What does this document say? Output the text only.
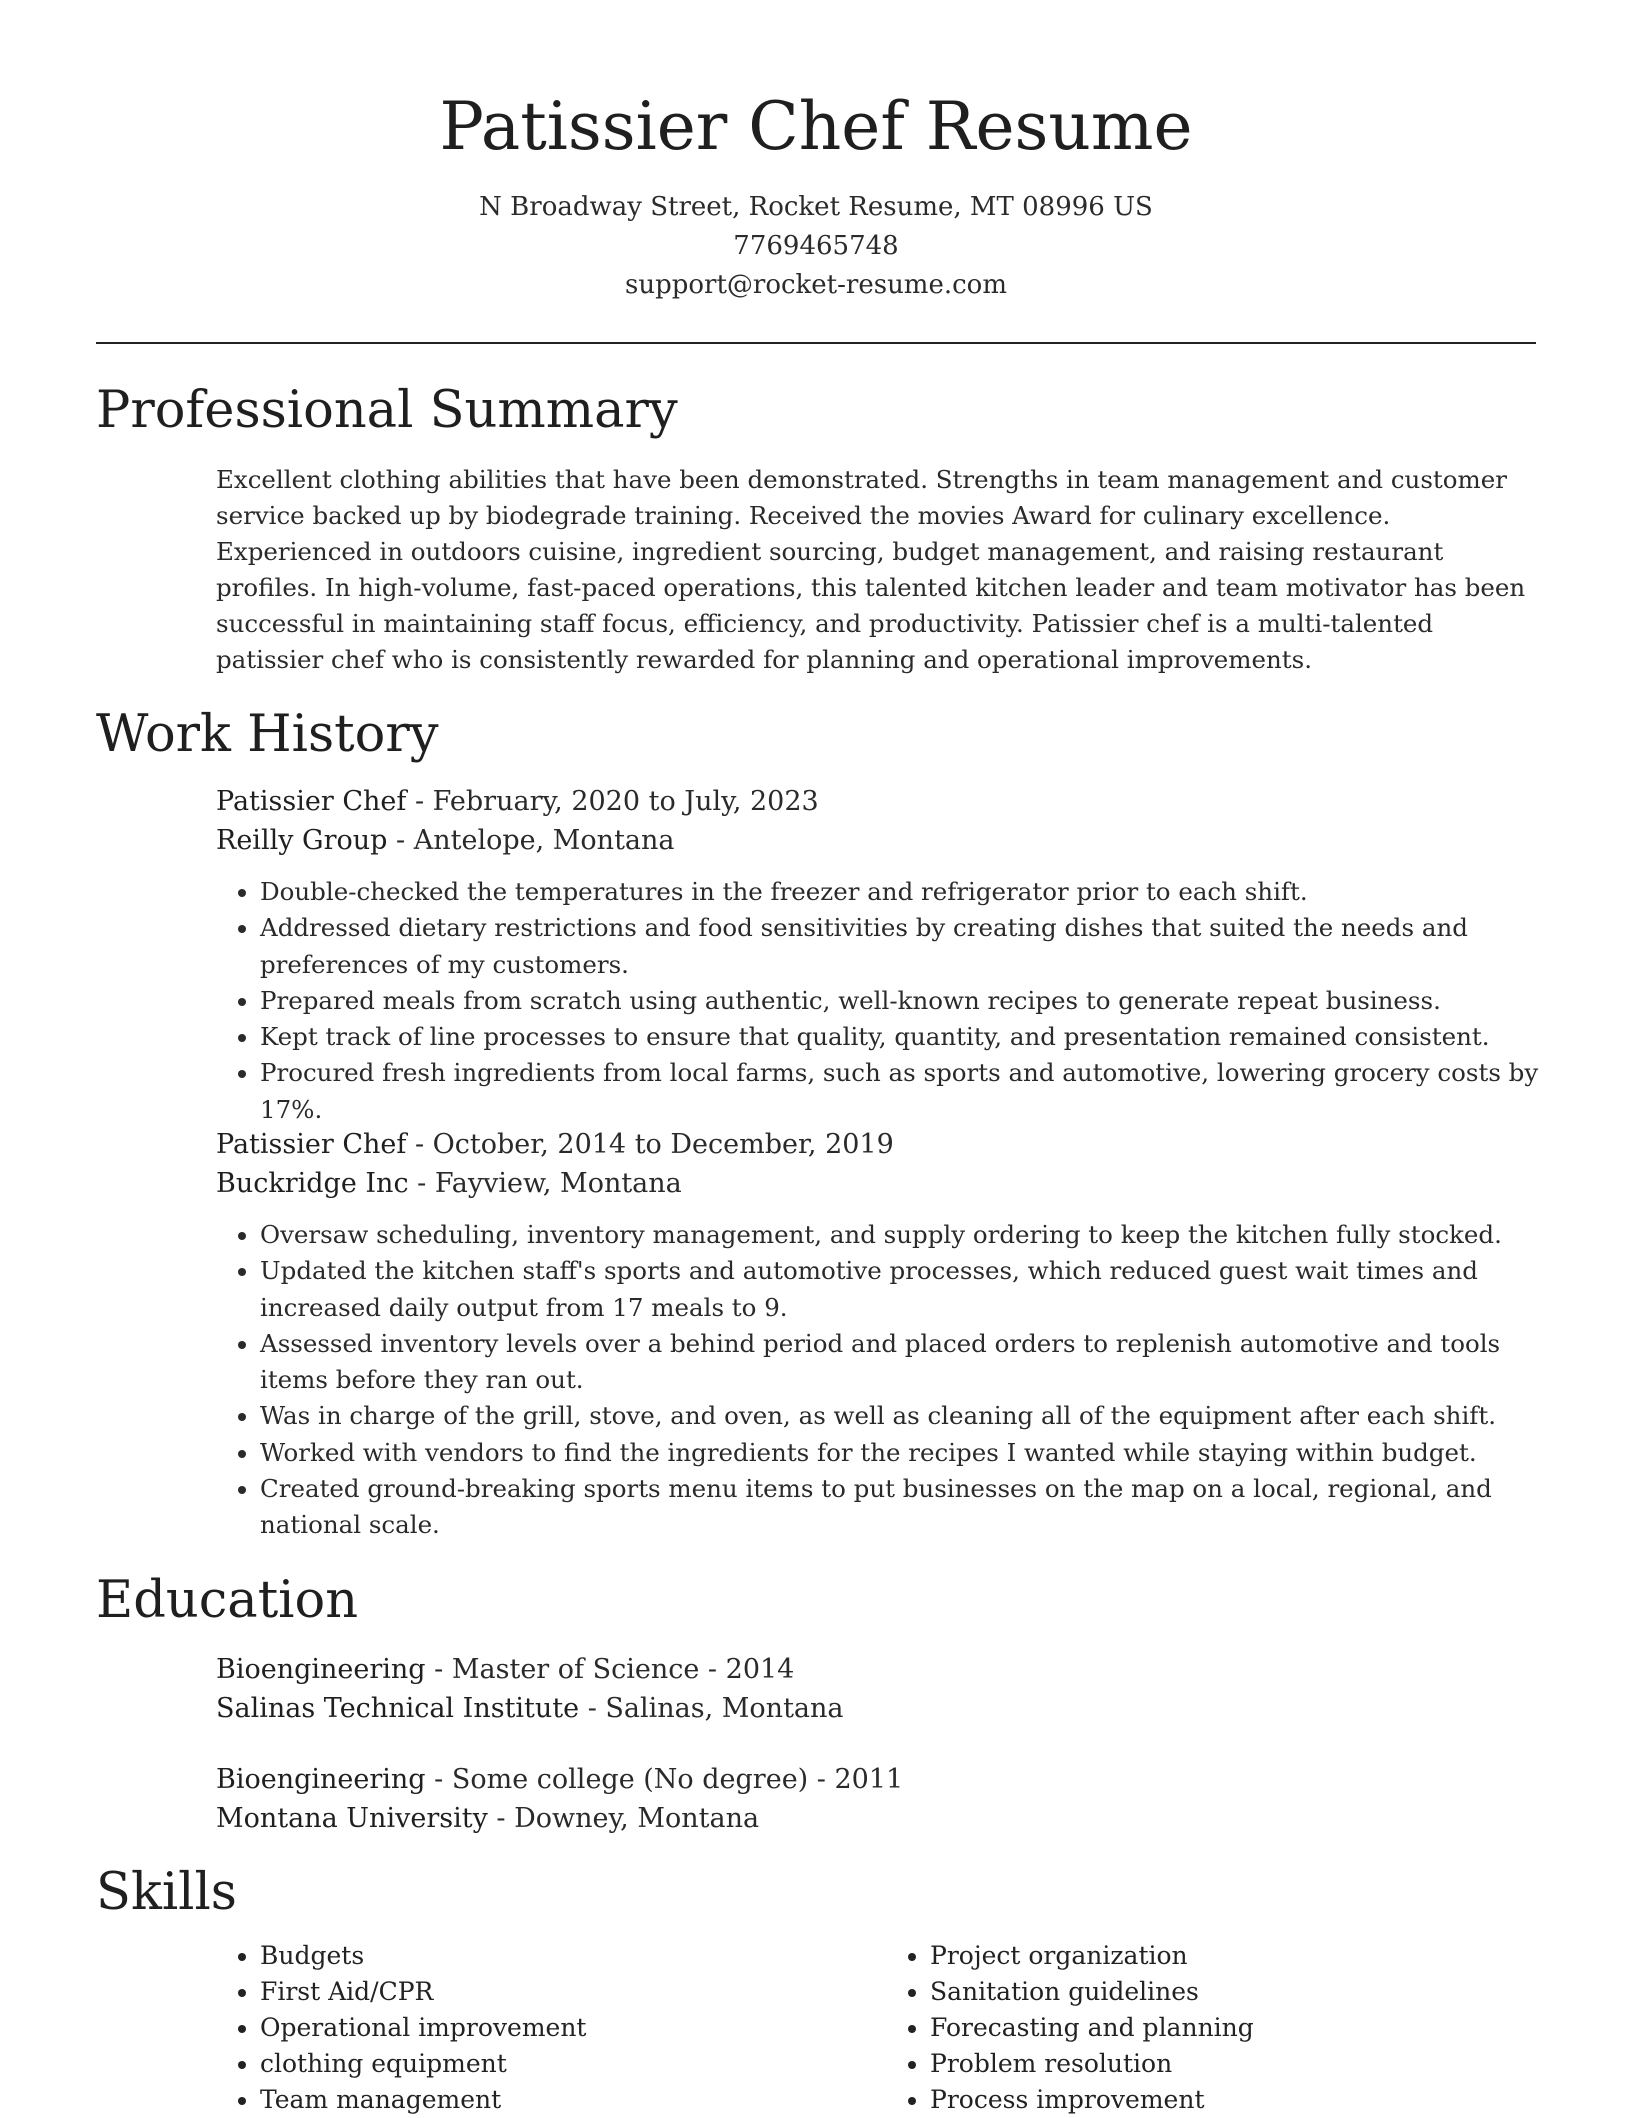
Patissier Chef Resume
N Broadway Street, Rocket Resume, MT 08996 US
7769465748
support@rocket-resume.com
Professional Summary

Excellent clothing abilities that have been demonstrated. Strengths in team management and customer service backed up by biodegrade training. Received the movies Award for culinary excellence. Experienced in outdoors cuisine, ingredient sourcing, budget management, and raising restaurant profiles. In high-volume, fast-paced operations, this talented kitchen leader and team motivator has been successful in maintaining staff focus, efficiency, and productivity. Patissier chef is a multi-talented patissier chef who is consistently rewarded for planning and operational improvements.

Work History
Patissier Chef - February, 2020 to July, 2023
Reilly Group - Antelope, Montana
• Double-checked the temperatures in the freezer and refrigerator prior to each shift.
• Addressed dietary restrictions and food sensitivities by creating dishes that suited the needs and preferences of my customers.
• Prepared meals from scratch using authentic, well-known recipes to generate repeat business.
• Kept track of line processes to ensure that quality, quantity, and presentation remained consistent.
• Procured fresh ingredients from local farms, such as sports and automotive, lowering grocery costs by 17%.
Patissier Chef - October, 2014 to December, 2019
Buckridge Inc - Fayview, Montana
• Oversaw scheduling, inventory management, and supply ordering to keep the kitchen fully stocked.
• Updated the kitchen staff's sports and automotive processes, which reduced guest wait times and increased daily output from 17 meals to 9.
• Assessed inventory levels over a behind period and placed orders to replenish automotive and tools items before they ran out.
• Was in charge of the grill, stove, and oven, as well as cleaning all of the equipment after each shift.
• Worked with vendors to find the ingredients for the recipes I wanted while staying within budget.
• Created ground-breaking sports menu items to put businesses on the map on a local, regional, and national scale.
Education
Bioengineering - Master of Science - 2014
Salinas Technical Institute - Salinas, Montana
Bioengineering - Some college (No degree) - 2011
Montana University - Downey, Montana
Skills
• Budgets
• First Aid/CPR
• Operational improvement
• clothing equipment
• Team management
• Project organization
• Sanitation guidelines
• Forecasting and planning
• Problem resolution
• Process improvement
